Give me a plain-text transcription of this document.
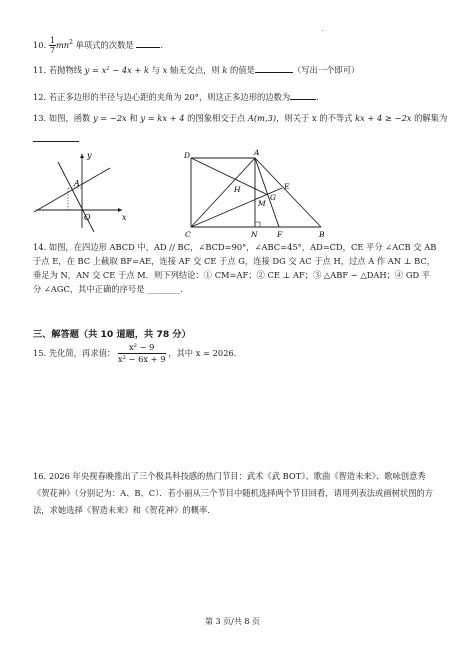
10. $\frac{1}{7} mn^2$ 单项式的次数是	.
11. 若抛物线 y = x² − 4x + k 与 x 轴无交点，则 k 的值是	（写出一个即可）
12. 若正多边形的半径与边心距的夹角为 20°，则这正多边形的边数为	.
13. 如图，函数 y = −2x 和 y = kx + 4 的图象相交于点 A(m,3)，则关于 x 的不等式 kx + 4 ≥ −2x 的解集为
y
x
A
O
D	A
H	E
G
M
C	N	F	B
14. 如图，在四边形 ABCD 中，AD // BC，∠BCD=90°，∠ABC=45°，AD=CD，CE 平分 ∠ACB 交 AB 于点 E，在 BC 上截取 BF=AE，连接 AF 交 CE 于点 G，连接 DG 交 AC 于点 H，过点 A 作 AN ⊥ BC，垂足为 N，AN 交 CE 于点 M．则下列结论：① CM=AF；② CE ⊥ AF；③ △ABF ∽ △DAH；④ GD 平分 ∠AGC，其中正确的序号是 ________．
三、解答题（共 10 道题，共 78 分）
15. 先化简，再求值： $\frac{\text{x² − 9}}{\text{x² − 6x + 9}}$ ，其中 x = 2026．
16. 2026 年央视春晚推出了三个极具科技感的热门节目：武术《武 BOT》、歌曲《智造未来》、歌咏创意秀《贺花神》（分别记为：A、B、C）．若小丽从三个节目中随机选择两个节目回看，请用列表法或画树状图的方法，求她选择《智造未来》和《贺花神》的概率.
第 3 页/共 8 页
